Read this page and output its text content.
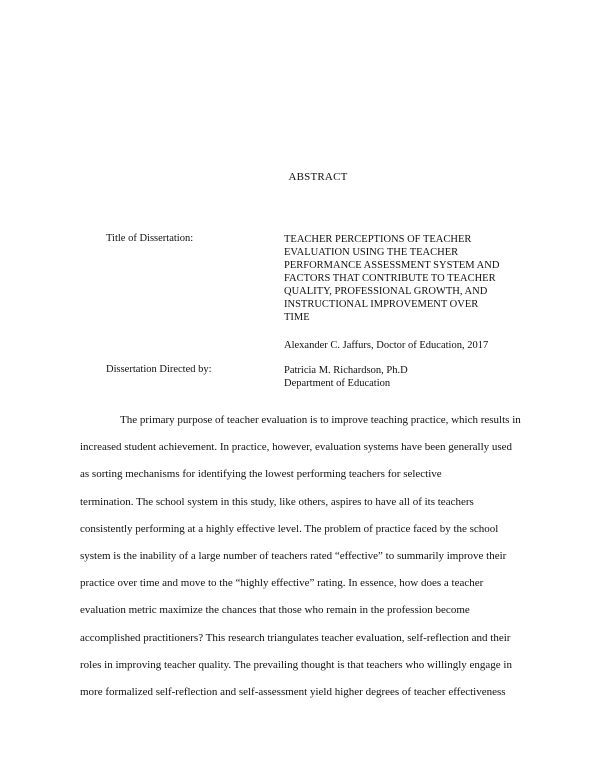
ABSTRACT
Title of Dissertation:	TEACHER PERCEPTIONS OF TEACHER
EVALUATION USING THE TEACHER
PERFORMANCE ASSESSMENT SYSTEM AND
FACTORS THAT CONTRIBUTE TO TEACHER
QUALITY, PROFESSIONAL GROWTH, AND
INSTRUCTIONAL IMPROVEMENT OVER
TIME
Alexander C. Jaffurs, Doctor of Education, 2017
Dissertation Directed by:	Patricia M. Richardson, Ph.D
Department of Education
The primary purpose of teacher evaluation is to improve teaching practice, which results in
increased student achievement. In practice, however, evaluation systems have been generally used
as sorting mechanisms for identifying the lowest performing teachers for selective
termination. The school system in this study, like others, aspires to have all of its teachers
consistently performing at a highly effective level. The problem of practice faced by the school
system is the inability of a large number of teachers rated “effective” to summarily improve their
practice over time and move to the “highly effective” rating. In essence, how does a teacher
evaluation metric maximize the chances that those who remain in the profession become
accomplished practitioners? This research triangulates teacher evaluation, self-reflection and their
roles in improving teacher quality. The prevailing thought is that teachers who willingly engage in
more formalized self-reflection and self-assessment yield higher degrees of teacher effectiveness
